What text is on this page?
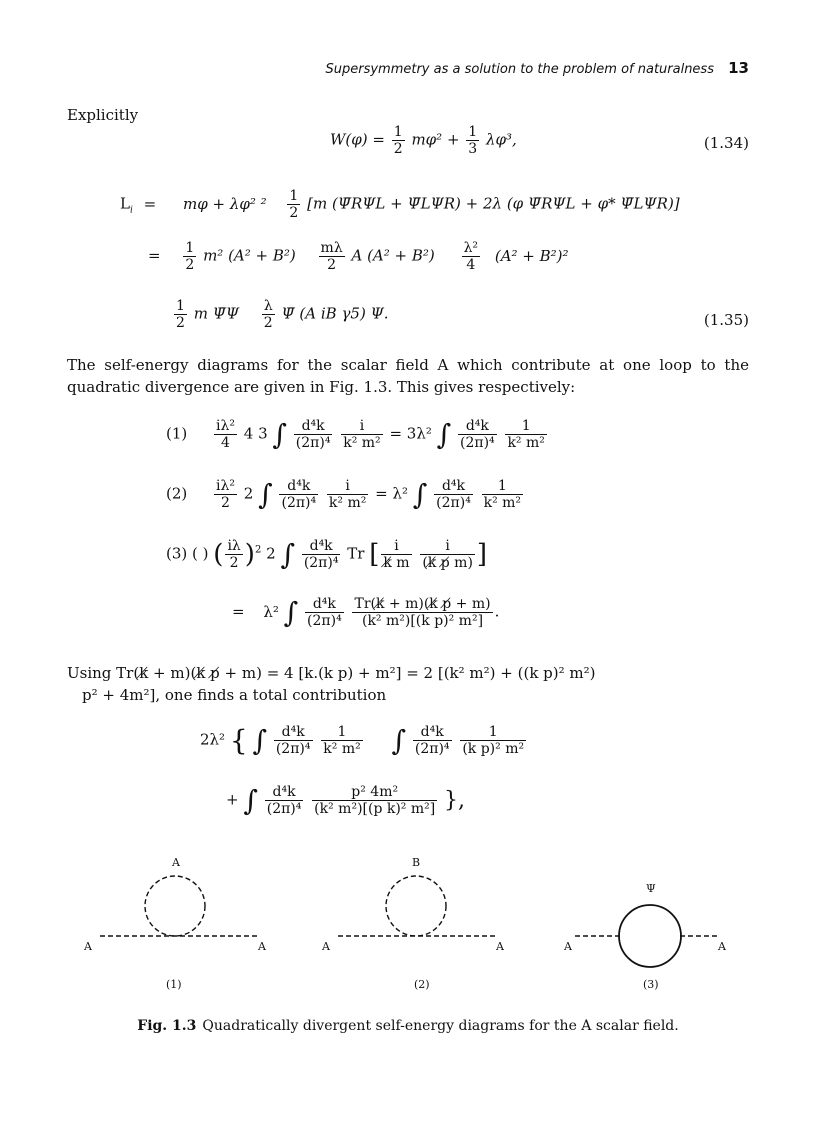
Supersymmetry as a solution to the problem of naturalness 13
Explicitly
$W(\varphi) = \frac{1}{2} m\varphi^2 + \frac{1}{3} \lambda\varphi^3$,	(1.34)
$L_i = m\varphi + \lambda\varphi^2$ $^2 \frac{1}{2} [m$ (Ψ̄RΨL + Ψ̄LΨR) + 2λ (φ Ψ̄RΨL + φ* Ψ̄LΨR)]
= $\frac{1}{2} m^2$ $(A^2 + B^2) \frac{m\lambda}{2}$ A $(A^2 + B^2) \frac{\text{λ²}}{4} (A^2 + B^2)^2$
$\frac{1}{2}$ m Ψ̄Ψ $\frac{\lambda}{2}$ Ψ̄ (A iB γ5) Ψ.	(1.35)
The self-energy diagrams for the scalar field A which contribute at one loop to the quadratic divergence are given in Fig. 1.3. This gives respectively:
$(1) \frac{\text{iλ²}}{4} 4$ 3 ∫ $\frac{\text{d⁴k}}{\text{(2π)⁴}}$
$\frac{i}{\text{k² m²}} = 3\lambda^2$ ∫ $\frac{\text{d⁴k}}{\text{(2π)⁴}}$
$\frac{1}{\text{k² m²}}$
$(2) \frac{\text{iλ²}}{2} 2$ ∫ $\frac{\text{d⁴k}}{\text{(2π)⁴}}$
$\frac{i}{\text{k² m²}} = \lambda^2$ ∫ $\frac{\text{d⁴k}}{\text{(2π)⁴}}$
$\frac{1}{\text{k² m²}}$
(3) ( ) ( $\frac{i\lambda}{2} )^2$ 2 ∫ $\frac{\text{d⁴k}}{\text{(2π)⁴}}$ Tr [ $\frac{i}{k̸ m}$
$\frac{i}{(k̸ p̸ m)}$ ]
= λ² ∫ $\frac{\text{d⁴k}}{\text{(2π)⁴}}$
$\frac{Tr(k̸ + m)(k̸ p̸ + m)}{\text{(k² m²)[(k p)² m²]}}$ .
Using Tr(k̸ + m)(k̸ p̸ + m) = 4 [k.(k p) + m²] = 2 [(k² m²) + ((k p)² m²)
p² + 4m²], one finds a total contribution
2λ² { ∫ $\frac{\text{d⁴k}}{\text{(2π)⁴}}$
$\frac{1}{\text{k² m²}}$ ∫ $\frac{\text{d⁴k}}{\text{(2π)⁴}}$
$\frac{1}{\text{(k p)² m²}}$
+ ∫ $\frac{\text{d⁴k}}{\text{(2π)⁴}}$
$\frac{\text{p² 4m²}}{\text{(k² m²)[(p k)² m²]}}$ },
A
A	A
(1)
B
A	A
(2)
Ψ
A	A
(3)
Fig. 1.3 Quadratically divergent self-energy diagrams for the A scalar field.
